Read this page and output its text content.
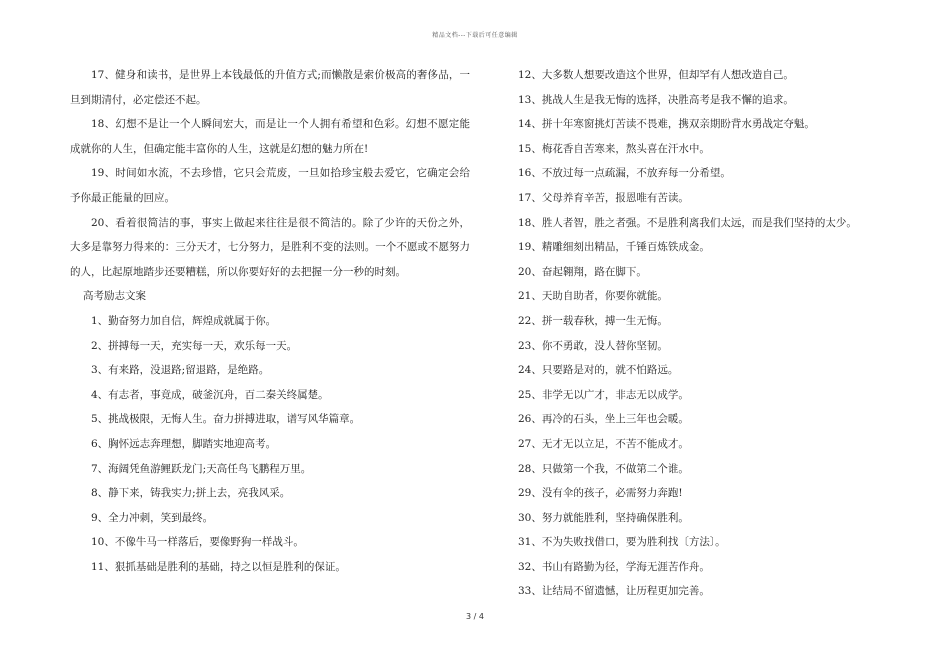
精品文档---下载后可任意编辑

17、健身和读书，是世界上本钱最低的升值方式;而懒散是索价极高的奢侈品，一旦到期清付，必定偿还不起。

18、幻想不是让一个人瞬间宏大，而是让一个人拥有希望和色彩。幻想不愿定能成就你的人生，但确定能丰富你的人生，这就是幻想的魅力所在!

19、时间如水流，不去珍惜，它只会荒废，一旦如拾珍宝般去爱它，它确定会给予你最正能量的回应。

20、看着很简洁的事，事实上做起来往往是很不简洁的。除了少许的天份之外，大多是靠努力得来的：三分天才，七分努力，是胜利不变的法则。一个不愿或不愿努力的人，比起原地踏步还要糟糕，所以你要好好的去把握一分一秒的时刻。

高考励志文案

1、勤奋努力加自信，辉煌成就属于你。

2、拼搏每一天，充实每一天，欢乐每一天。

3、有来路，没退路;留退路，是绝路。

4、有志者，事竟成，破釜沉舟，百二秦关终属楚。

5、挑战极限，无悔人生。奋力拼搏进取，谱写风华篇章。

6、胸怀远志奔理想，脚踏实地迎高考。

7、海阔凭鱼游鲤跃龙门;天高任鸟飞鹏程万里。

8、静下来，铸我实力;拼上去，亮我风采。

9、全力冲刺，笑到最终。

10、不像牛马一样落后，要像野狗一样战斗。

11、狠抓基础是胜利的基础，持之以恒是胜利的保证。

12、大多数人想要改造这个世界，但却罕有人想改造自己。

13、挑战人生是我无悔的选择，决胜高考是我不懈的追求。

14、拼十年寒窗挑灯苦读不畏难，携双亲期盼背水勇战定夺魁。

15、梅花香自苦寒来，熬头喜在汗水中。

16、不放过每一点疏漏，不放弃每一分希望。

17、父母养育辛苦，报恩唯有苦读。

18、胜人者智，胜之者强。不是胜利离我们太远，而是我们坚持的太少。

19、精雕细刻出精品，千锤百炼铁成金。

20、奋起翱翔，路在脚下。

21、天助自助者，你要你就能。

22、拼一载春秋，搏一生无悔。

23、你不勇敢，没人替你坚韧。

24、只要路是对的，就不怕路远。

25、非学无以广才，非志无以成学。

26、再冷的石头，坐上三年也会暖。

27、无才无以立足，不苦不能成才。

28、只做第一个我，不做第二个谁。

29、没有伞的孩子，必需努力奔跑!

30、努力就能胜利，坚持确保胜利。

31、不为失败找借口，要为胜利找〔方法〕。

32、书山有路勤为径，学海无涯苦作舟。

33、让结局不留遗憾，让历程更加完善。

3 / 4
